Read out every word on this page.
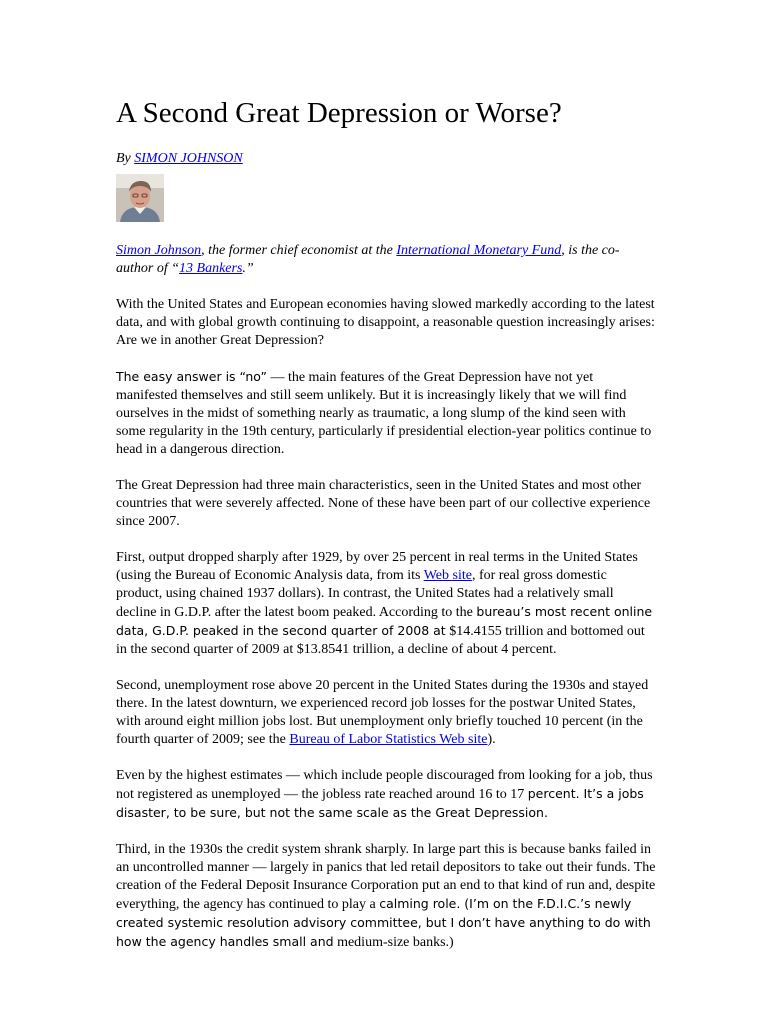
A Second Great Depression or Worse?
By SIMON JOHNSON
Simon Johnson, the former chief economist at the International Monetary Fund, is the co-author of “13 Bankers.”

With the United States and European economies having slowed markedly according to the latest data, and with global growth continuing to disappoint, a reasonable question increasingly arises: Are we in another Great Depression?

The easy answer is “no” — the main features of the Great Depression have not yet manifested themselves and still seem unlikely. But it is increasingly likely that we will find ourselves in the midst of something nearly as traumatic, a long slump of the kind seen with some regularity in the 19th century, particularly if presidential election-year politics continue to head in a dangerous direction.

The Great Depression had three main characteristics, seen in the United States and most other countries that were severely affected. None of these have been part of our collective experience since 2007.

First, output dropped sharply after 1929, by over 25 percent in real terms in the United States (using the Bureau of Economic Analysis data, from its Web site, for real gross domestic product, using chained 1937 dollars). In contrast, the United States had a relatively small decline in G.D.P. after the latest boom peaked. According to the bureau’s most recent online data, G.D.P. peaked in the second quarter of 2008 at $14.4155 trillion and bottomed out in the second quarter of 2009 at $13.8541 trillion, a decline of about 4 percent.

Second, unemployment rose above 20 percent in the United States during the 1930s and stayed there. In the latest downturn, we experienced record job losses for the postwar United States, with around eight million jobs lost. But unemployment only briefly touched 10 percent (in the fourth quarter of 2009; see the Bureau of Labor Statistics Web site).

Even by the highest estimates — which include people discouraged from looking for a job, thus not registered as unemployed — the jobless rate reached around 16 to 17 percent. It’s a jobs disaster, to be sure, but not the same scale as the Great Depression.

Third, in the 1930s the credit system shrank sharply. In large part this is because banks failed in an uncontrolled manner — largely in panics that led retail depositors to take out their funds. The creation of the Federal Deposit Insurance Corporation put an end to that kind of run and, despite everything, the agency has continued to play a calming role. (I’m on the F.D.I.C.’s newly created systemic resolution advisory committee, but I don’t have anything to do with how the agency handles small and medium-size banks.)
